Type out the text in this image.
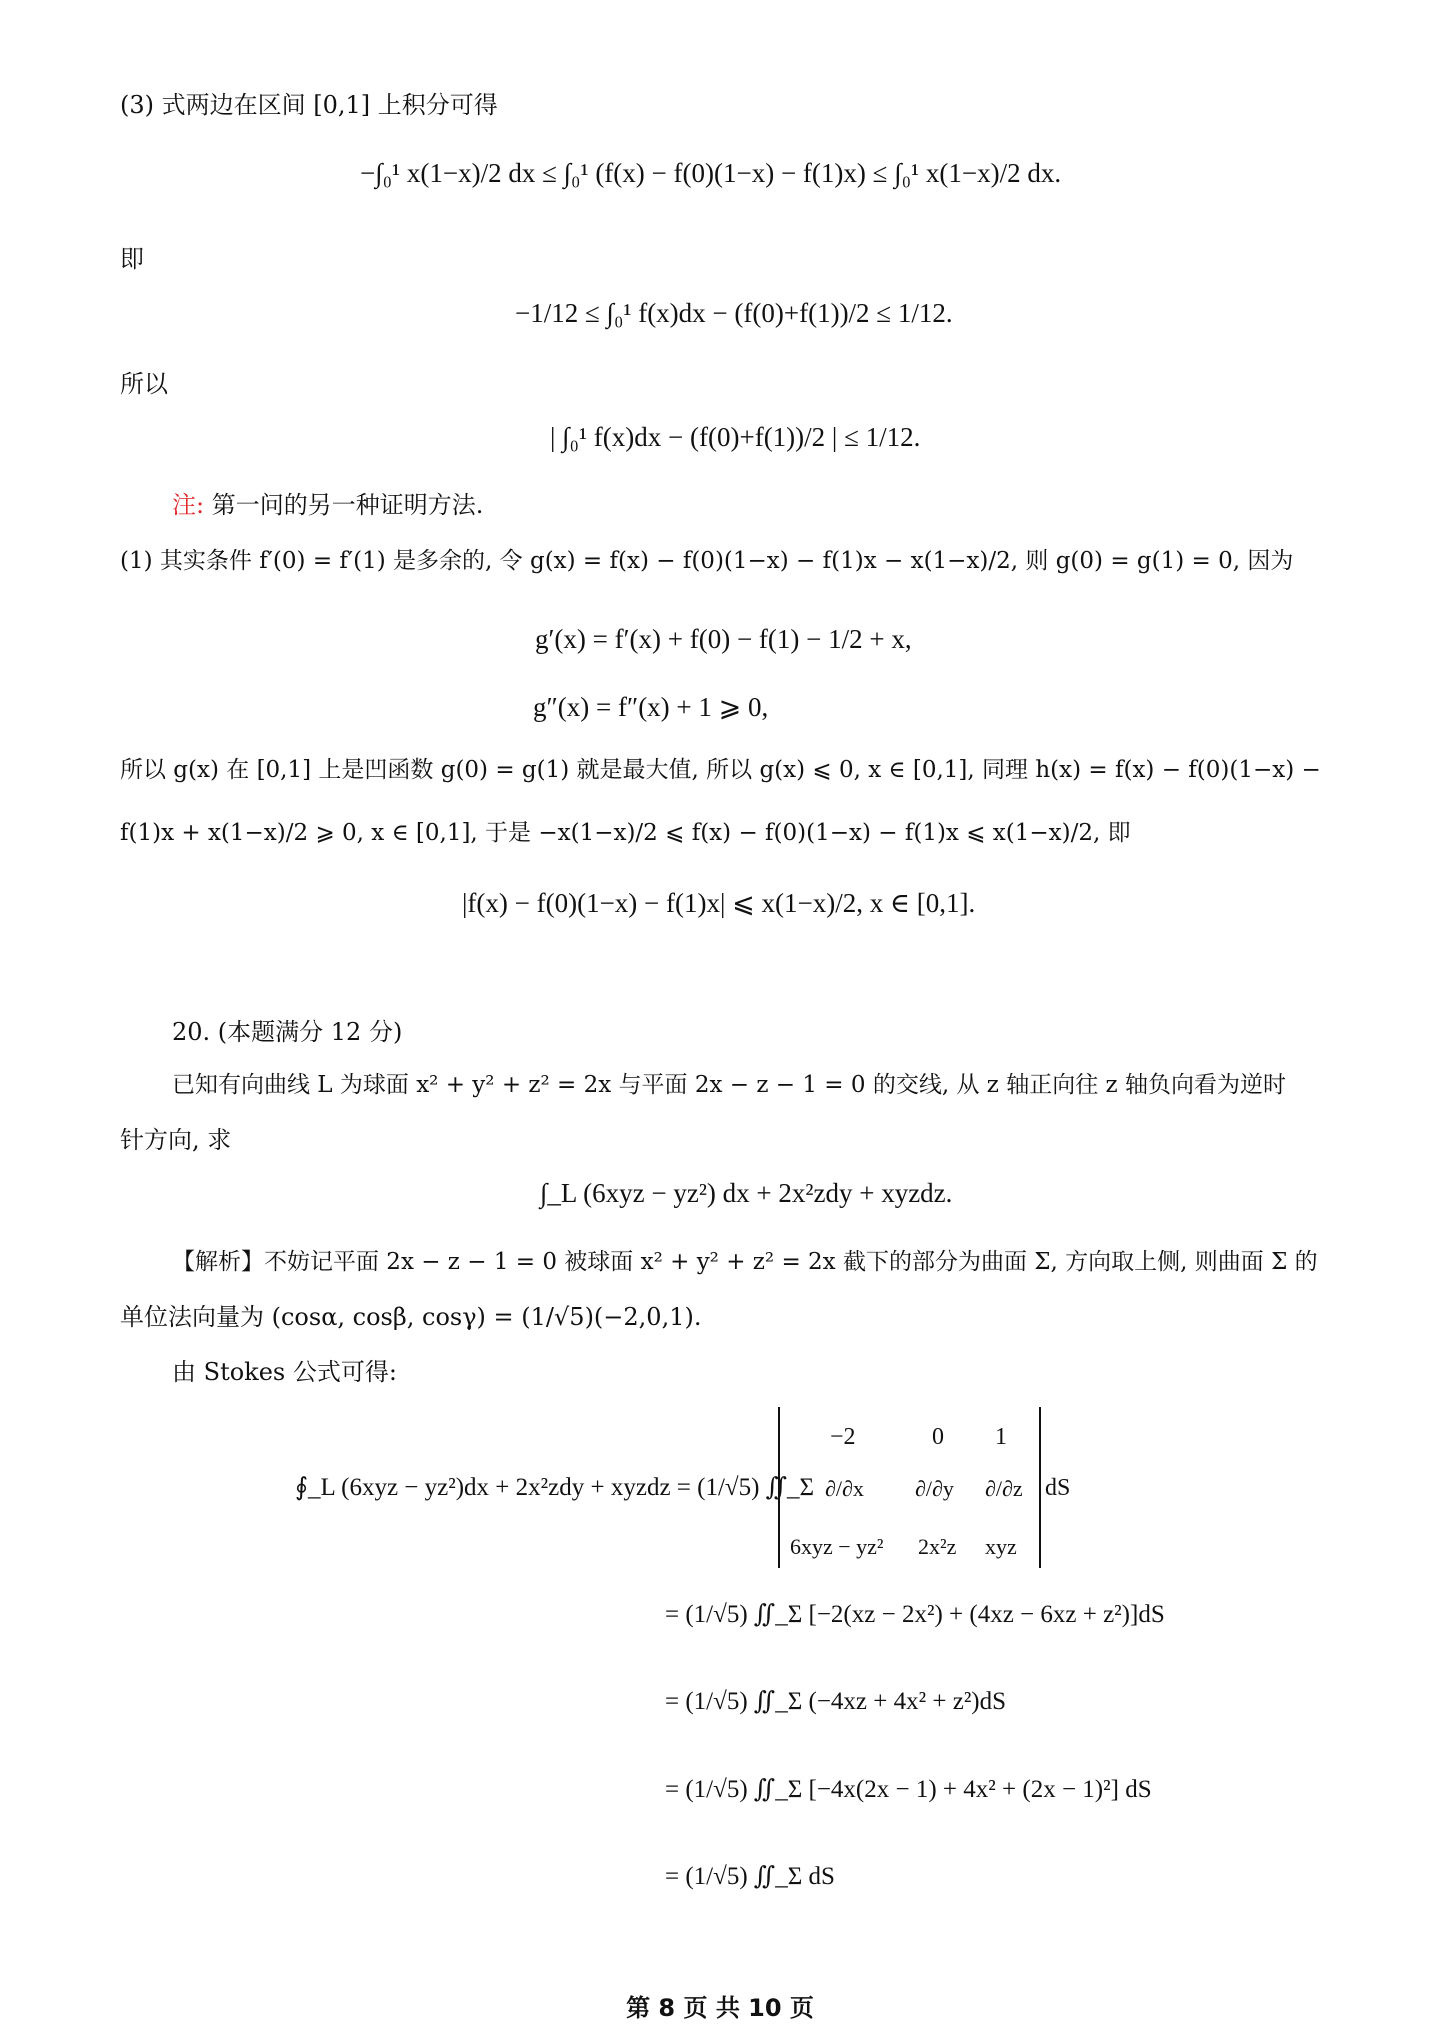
(3) 式两边在区间 [0,1] 上积分可得
−∫₀¹ x(1−x)/2 dx ≤ ∫₀¹ (f(x) − f(0)(1−x) − f(1)x) ≤ ∫₀¹ x(1−x)/2 dx.
即
−1/12 ≤ ∫₀¹ f(x)dx − (f(0)+f(1))/2 ≤ 1/12.
所以
| ∫₀¹ f(x)dx − (f(0)+f(1))/2 | ≤ 1/12.
注: 第一问的另一种证明方法.
(1) 其实条件 f′(0) = f′(1) 是多余的, 令 g(x) = f(x) − f(0)(1−x) − f(1)x − x(1−x)/2, 则 g(0) = g(1) = 0, 因为
g′(x) = f′(x) + f(0) − f(1) − 1/2 + x,
g″(x) = f″(x) + 1 ⩾ 0,
所以 g(x) 在 [0,1] 上是凹函数 g(0) = g(1) 就是最大值, 所以 g(x) ⩽ 0, x ∈ [0,1], 同理 h(x) = f(x) − f(0)(1−x) −
f(1)x + x(1−x)/2 ⩾ 0, x ∈ [0,1], 于是 −x(1−x)/2 ⩽ f(x) − f(0)(1−x) − f(1)x ⩽ x(1−x)/2, 即
|f(x) − f(0)(1−x) − f(1)x| ⩽ x(1−x)/2, x ∈ [0,1].
20. (本题满分 12 分)
已知有向曲线 L 为球面 x² + y² + z² = 2x 与平面 2x − z − 1 = 0 的交线, 从 z 轴正向往 z 轴负向看为逆时
针方向, 求
∫_L (6xyz − yz²) dx + 2x²zdy + xyzdz.
【解析】不妨记平面 2x − z − 1 = 0 被球面 x² + y² + z² = 2x 截下的部分为曲面 Σ, 方向取上侧, 则曲面 Σ 的
单位法向量为 (cosα, cosβ, cosγ) = (1/√5)(−2,0,1).
由 Stokes 公式可得:
∮_L (6xyz − yz²)dx + 2x²zdy + xyzdz = (1/√5) ∬_Σ
−2	0 1
∂/∂x ∂/∂y ∂/∂z
6xyz − yz² 2x²z xyz
dS
= (1/√5) ∬_Σ [−2(xz − 2x²) + (4xz − 6xz + z²)]dS
= (1/√5) ∬_Σ (−4xz + 4x² + z²)dS
= (1/√5) ∬_Σ [−4x(2x − 1) + 4x² + (2x − 1)²] dS
= (1/√5) ∬_Σ dS
第 8 页 共 10 页
